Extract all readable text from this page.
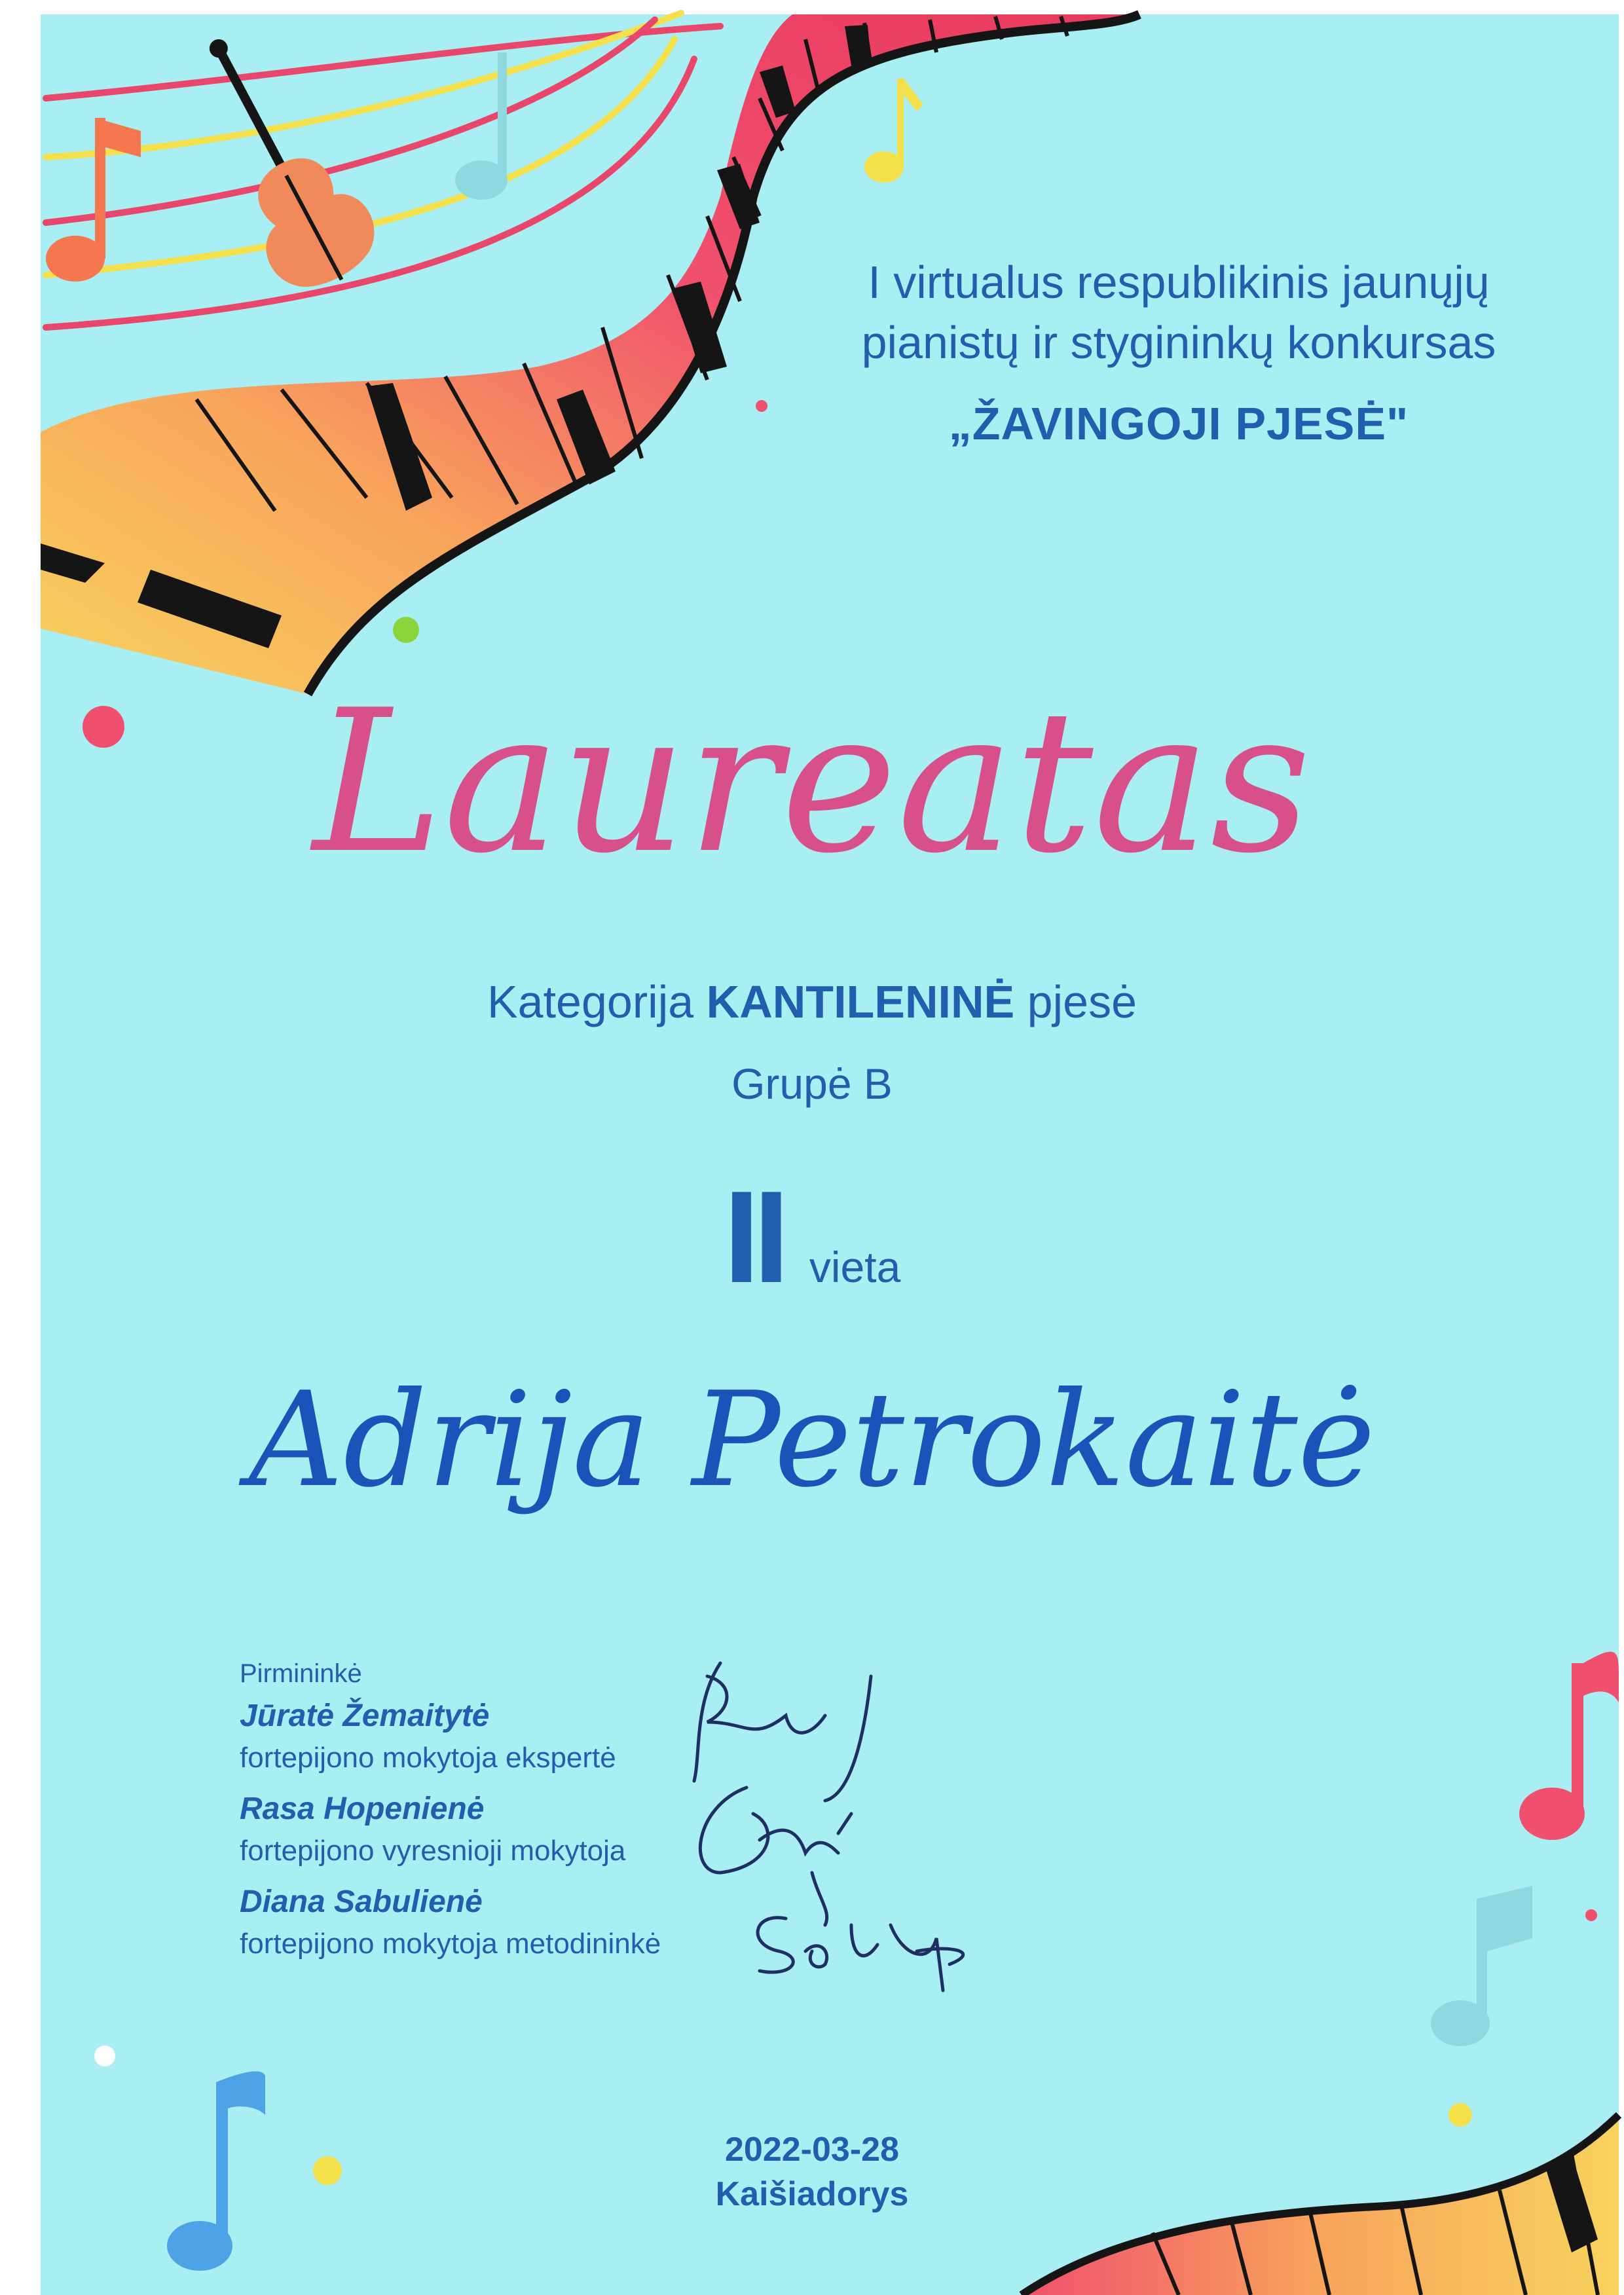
I virtualus respublikinis jaunųjų
pianistų ir stygininkų konkursas
„ŽAVINGOJI PJESĖ"
Laureatas
Kategorija KANTILENINĖ pjesė
Grupė B
II vieta
Adrija Petrokaitė
Pirmininkė
Jūratė Žemaitytė
fortepijono mokytoja ekspertė
Rasa Hopenienė
fortepijono vyresnioji mokytoja
Diana Sabulienė
fortepijono mokytoja metodininkė
2022-03-28
Kaišiadorys
